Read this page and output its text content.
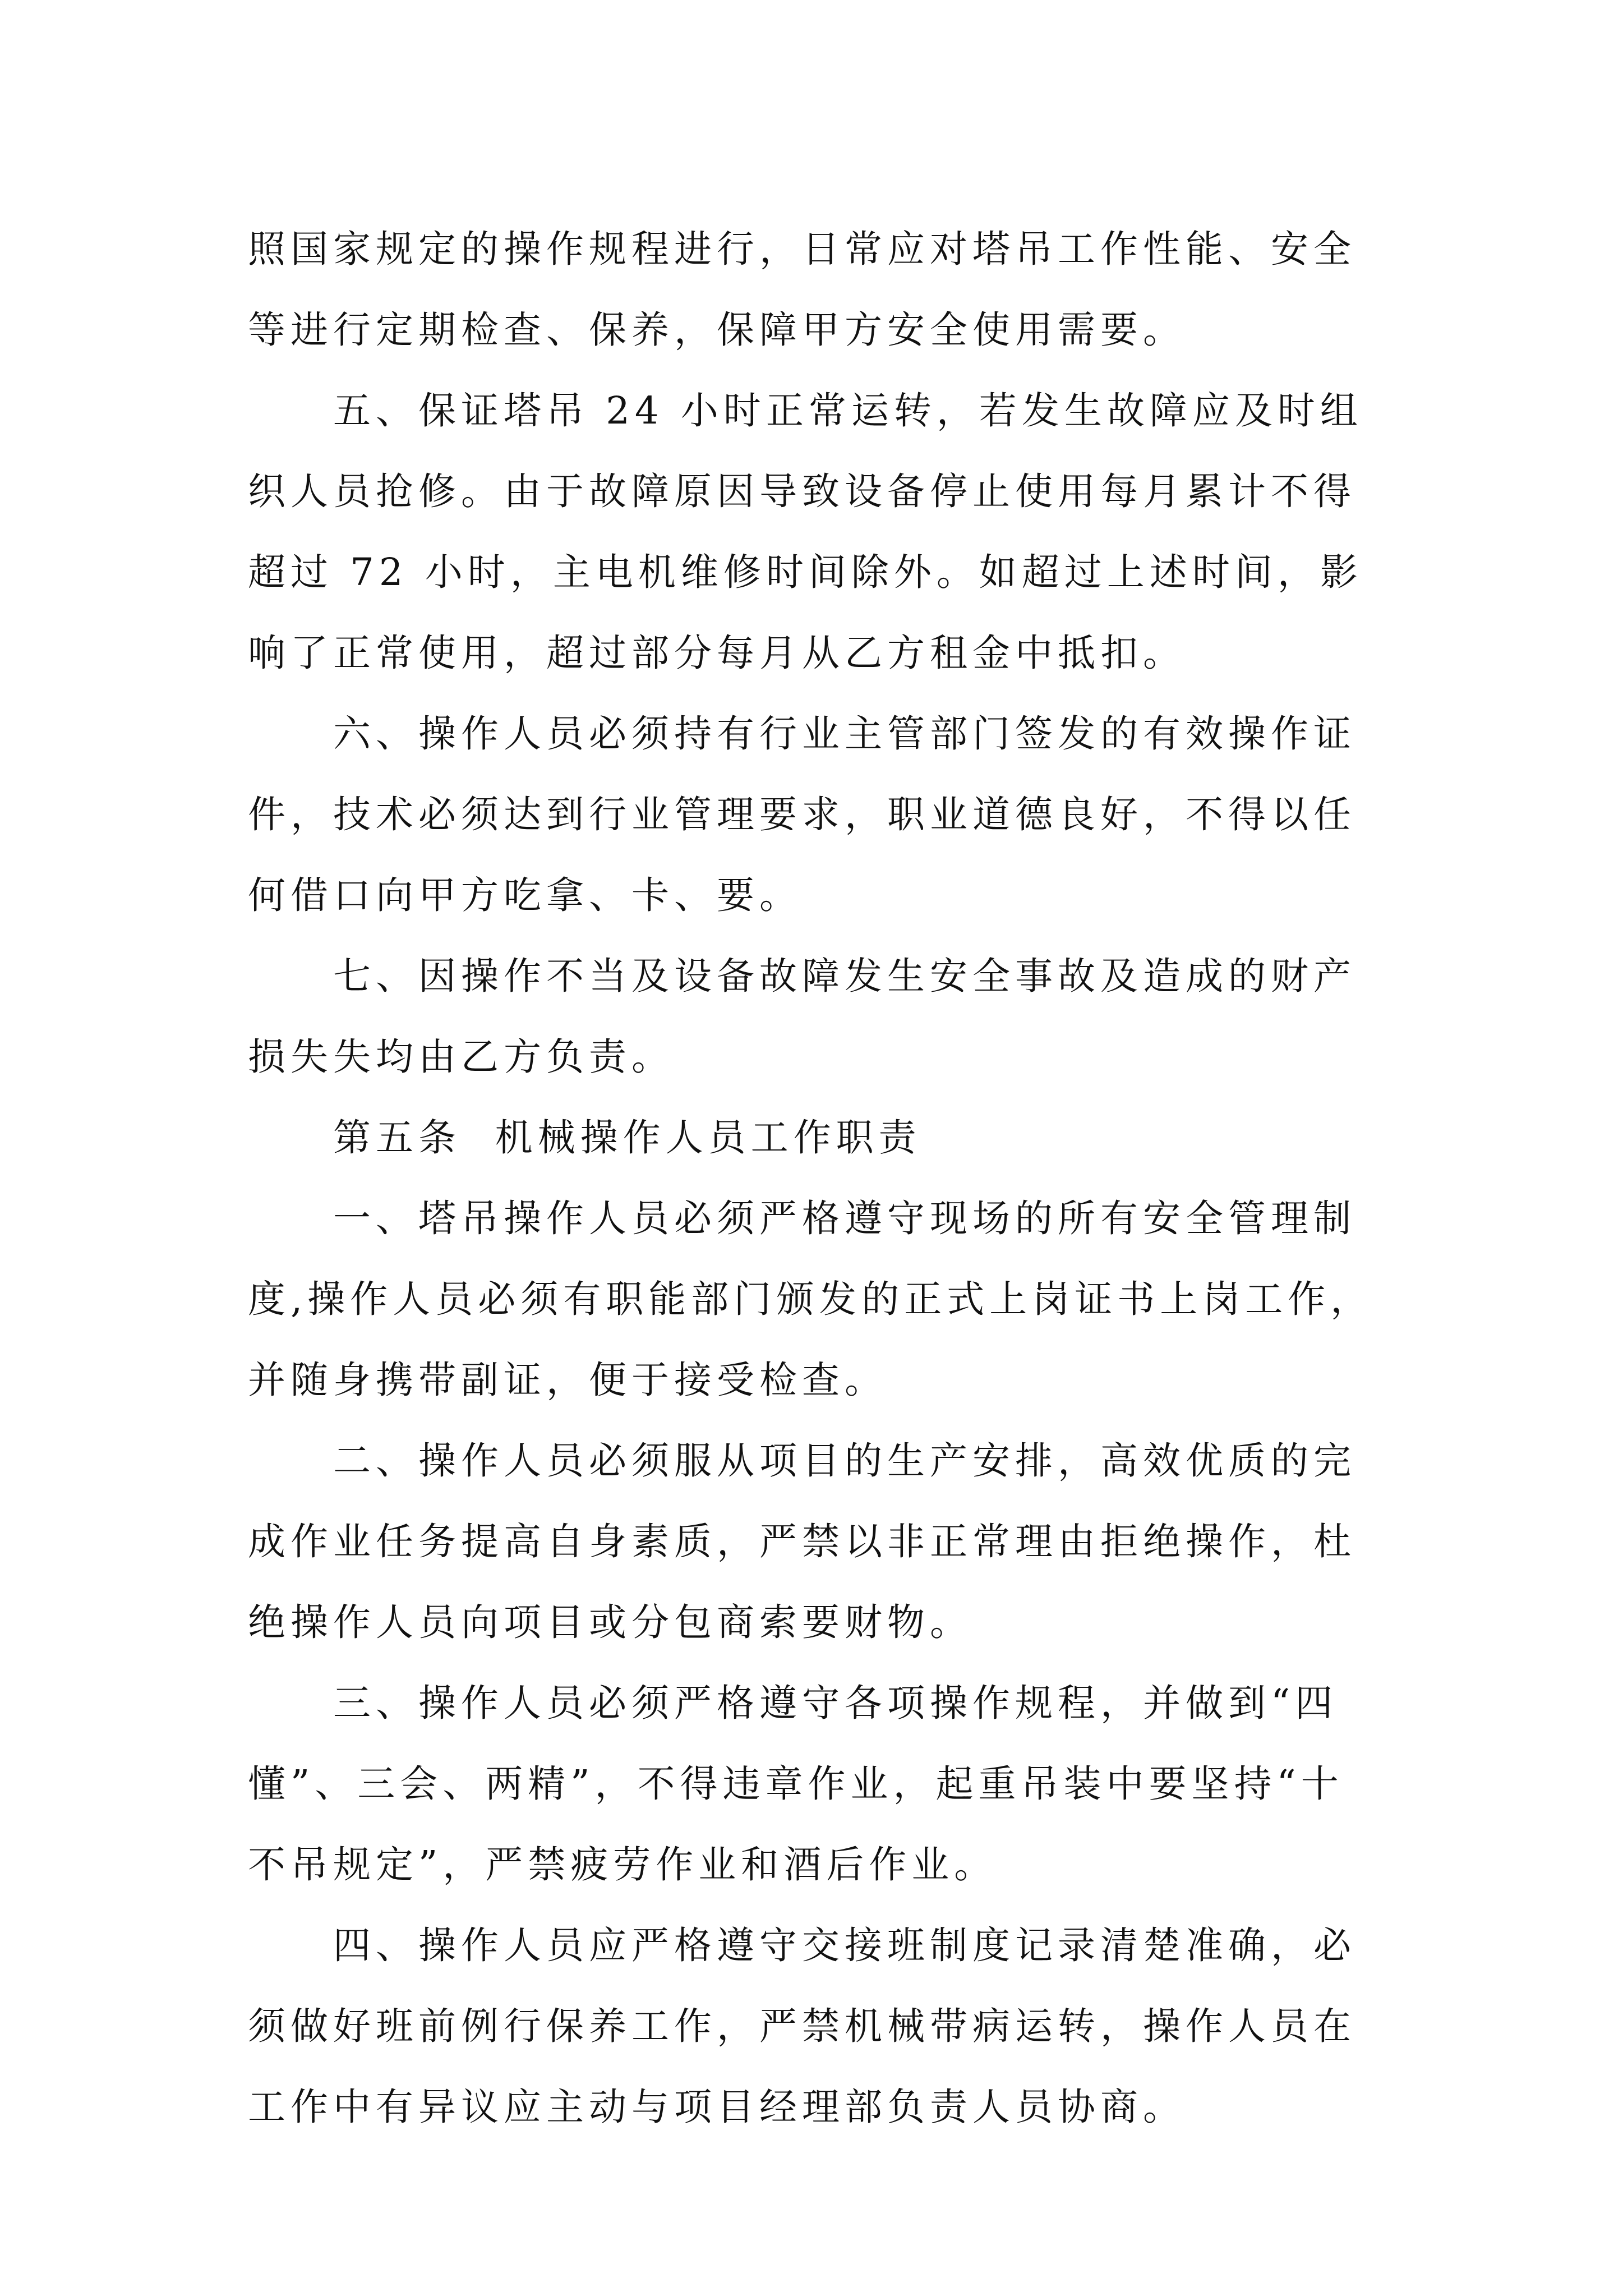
照国家规定的操作规程进行，日常应对塔吊工作性能、安全
等进行定期检查、保养，保障甲方安全使用需要。
五、保证塔吊 24 小时正常运转，若发生故障应及时组
织人员抢修。由于故障原因导致设备停止使用每月累计不得
超过 72 小时，主电机维修时间除外。如超过上述时间，影
响了正常使用，超过部分每月从乙方租金中抵扣。
六、操作人员必须持有行业主管部门签发的有效操作证
件，技术必须达到行业管理要求，职业道德良好，不得以任
何借口向甲方吃拿、卡、要。
七、因操作不当及设备故障发生安全事故及造成的财产
损失失均由乙方负责。
第五条  机械操作人员工作职责
一、塔吊操作人员必须严格遵守现场的所有安全管理制
度,操作人员必须有职能部门颁发的正式上岗证书上岗工作，
并随身携带副证，便于接受检查。
二、操作人员必须服从项目的生产安排，高效优质的完
成作业任务提高自身素质，严禁以非正常理由拒绝操作，杜
绝操作人员向项目或分包商索要财物。
三、操作人员必须严格遵守各项操作规程，并做到“四
懂”、三会、两精”，不得违章作业，起重吊装中要坚持“十
不吊规定”，严禁疲劳作业和酒后作业。
四、操作人员应严格遵守交接班制度记录清楚准确，必
须做好班前例行保养工作，严禁机械带病运转，操作人员在
工作中有异议应主动与项目经理部负责人员协商。
